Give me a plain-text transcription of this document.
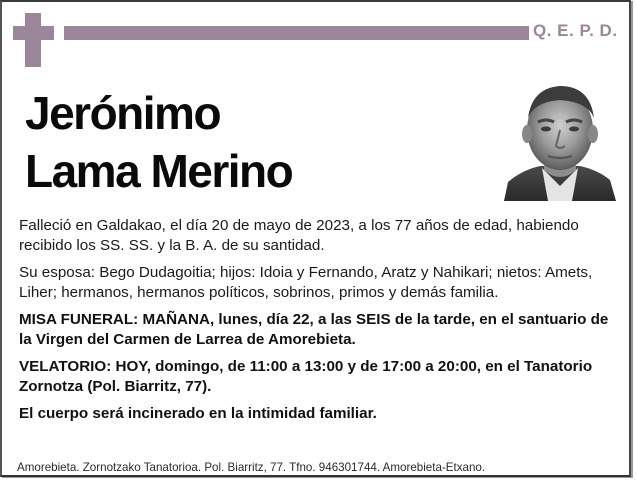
Q. E. P. D.
Jerónimo
Lama Merino

Falleció en Galdakao, el día 20 de mayo de 2023, a los 77 años de edad, habiendo recibido los SS. SS. y la B. A. de su santidad.

Su esposa: Bego Dudagoitia; hijos: Idoia y Fernando, Aratz y Nahikari; nietos: Amets, Liher; hermanos, hermanos políticos, sobrinos, primos y demás familia.

MISA FUNERAL: MAÑANA, lunes, día 22, a las SEIS de la tarde, en el santuario de la Virgen del Carmen de Larrea de Amorebieta.

VELATORIO: HOY, domingo, de 11:00 a 13:00 y de 17:00 a 20:00, en el Tanatorio Zornotza (Pol. Biarritz, 77).

El cuerpo será incinerado en la intimidad familiar.

Amorebieta. Zornotzako Tanatorioa. Pol. Biarritz, 77. Tfno. 946301744. Amorebieta-Etxano.
